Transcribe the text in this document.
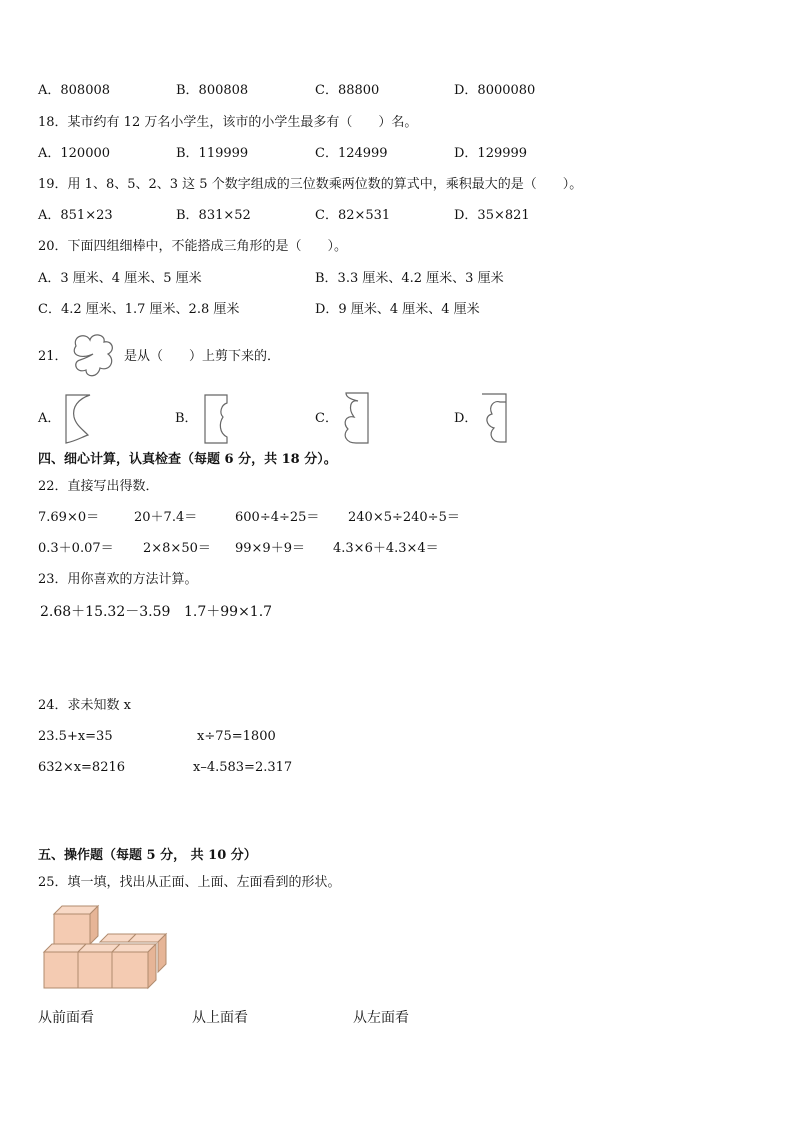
A．808008	B．800808	C．88800	D．8000080
18．某市约有 12 万名小学生，该市的小学生最多有（　　）名。
A．120000	B．119999	C．124999	D．129999
19．用 1、8、5、2、3 这 5 个数字组成的三位数乘两位数的算式中，乘积最大的是（　　）。
A．851×23	B．831×52	C．82×531	D．35×821
20．下面四组细棒中，不能搭成三角形的是（　　）。
A．3 厘米、4 厘米、5 厘米	B．3.3 厘米、4.2 厘米、3 厘米
C．4.2 厘米、1.7 厘米、2.8 厘米	D．9 厘米、4 厘米、4 厘米
21．	是从（　　）上剪下来的．
A．	B．	C．	D．
四、细心计算，认真检查（每题 6 分，共 18 分）。
22．直接写出得数．
7.69×0＝	20＋7.4＝	600÷4÷25＝ 240×5÷240÷5＝
0.3＋0.07＝ 2×8×50＝ 99×9＋9＝ 4.3×6＋4.3×4＝
23．用你喜欢的方法计算。
2.68＋15.32－3.59 1.7＋99×1.7
24．求未知数 x
23.5+x=35	x÷75=1800
632×x=8216	x–4.583=2.317
五、操作题（每题 5 分， 共 10 分）
25．填一填，找出从正面、上面、左面看到的形状。
从前面看	从上面看	从左面看
